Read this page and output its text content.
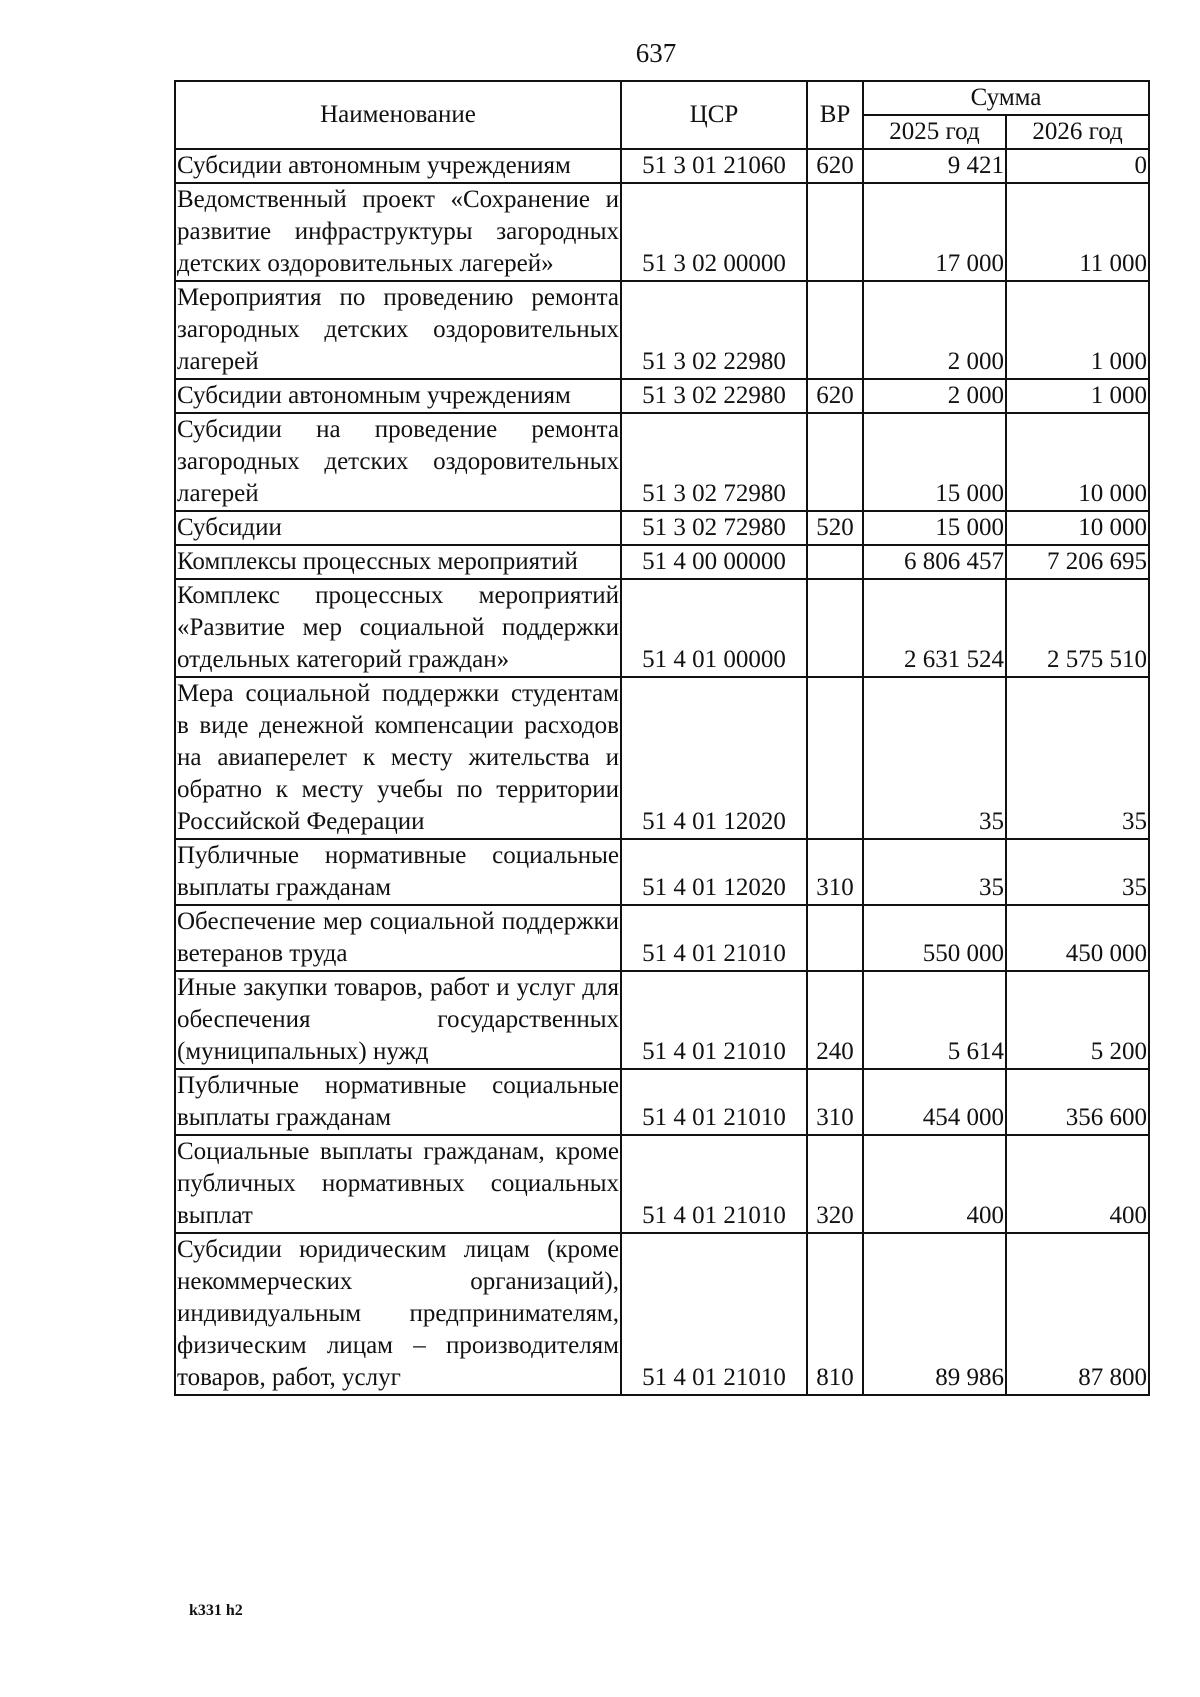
637
Наименование	ЦСР	ВР	Сумма	
			2025 год	2026 год
Субсидии автономным учреждениям	51 3 01 21060	620	9 421	0
Ведомственный проект «Сохранение и развитие инфраструктуры загородных детских оздоровительных лагерей»	51 3 02 00000		17 000	11 000
Мероприятия по проведению ремонта загородных детских оздоровительных лагерей	51 3 02 22980		2 000	1 000
Субсидии автономным учреждениям	51 3 02 22980	620	2 000	1 000
Субсидии на проведение ремонта загородных детских оздоровительных лагерей	51 3 02 72980		15 000	10 000
Субсидии	51 3 02 72980	520	15 000	10 000
Комплексы процессных мероприятий	51 4 00 00000		6 806 457	7 206 695
Комплекс процессных мероприятий «Развитие мер социальной поддержки отдельных категорий граждан»	51 4 01 00000		2 631 524	2 575 510
Мера социальной поддержки студентам в виде денежной компенсации расходов на авиаперелет к месту жительства и обратно к месту учебы по территории Российской Федерации	51 4 01 12020		35	35
Публичные нормативные социальные выплаты гражданам	51 4 01 12020	310	35	35
Обеспечение мер социальной поддержки ветеранов труда	51 4 01 21010		550 000	450 000
Иные закупки товаров, работ и услуг для обеспечения государственных (муниципальных) нужд	51 4 01 21010	240	5 614	5 200
Публичные нормативные социальные выплаты гражданам	51 4 01 21010	310	454 000	356 600
Социальные выплаты гражданам, кроме публичных нормативных социальных выплат	51 4 01 21010	320	400	400
Субсидии юридическим лицам (кроме некоммерческих организаций), индивидуальным предпринимателям, физическим лицам – производителям товаров, работ, услуг	51 4 01 21010	810	89 986	87 800
k331 h2
